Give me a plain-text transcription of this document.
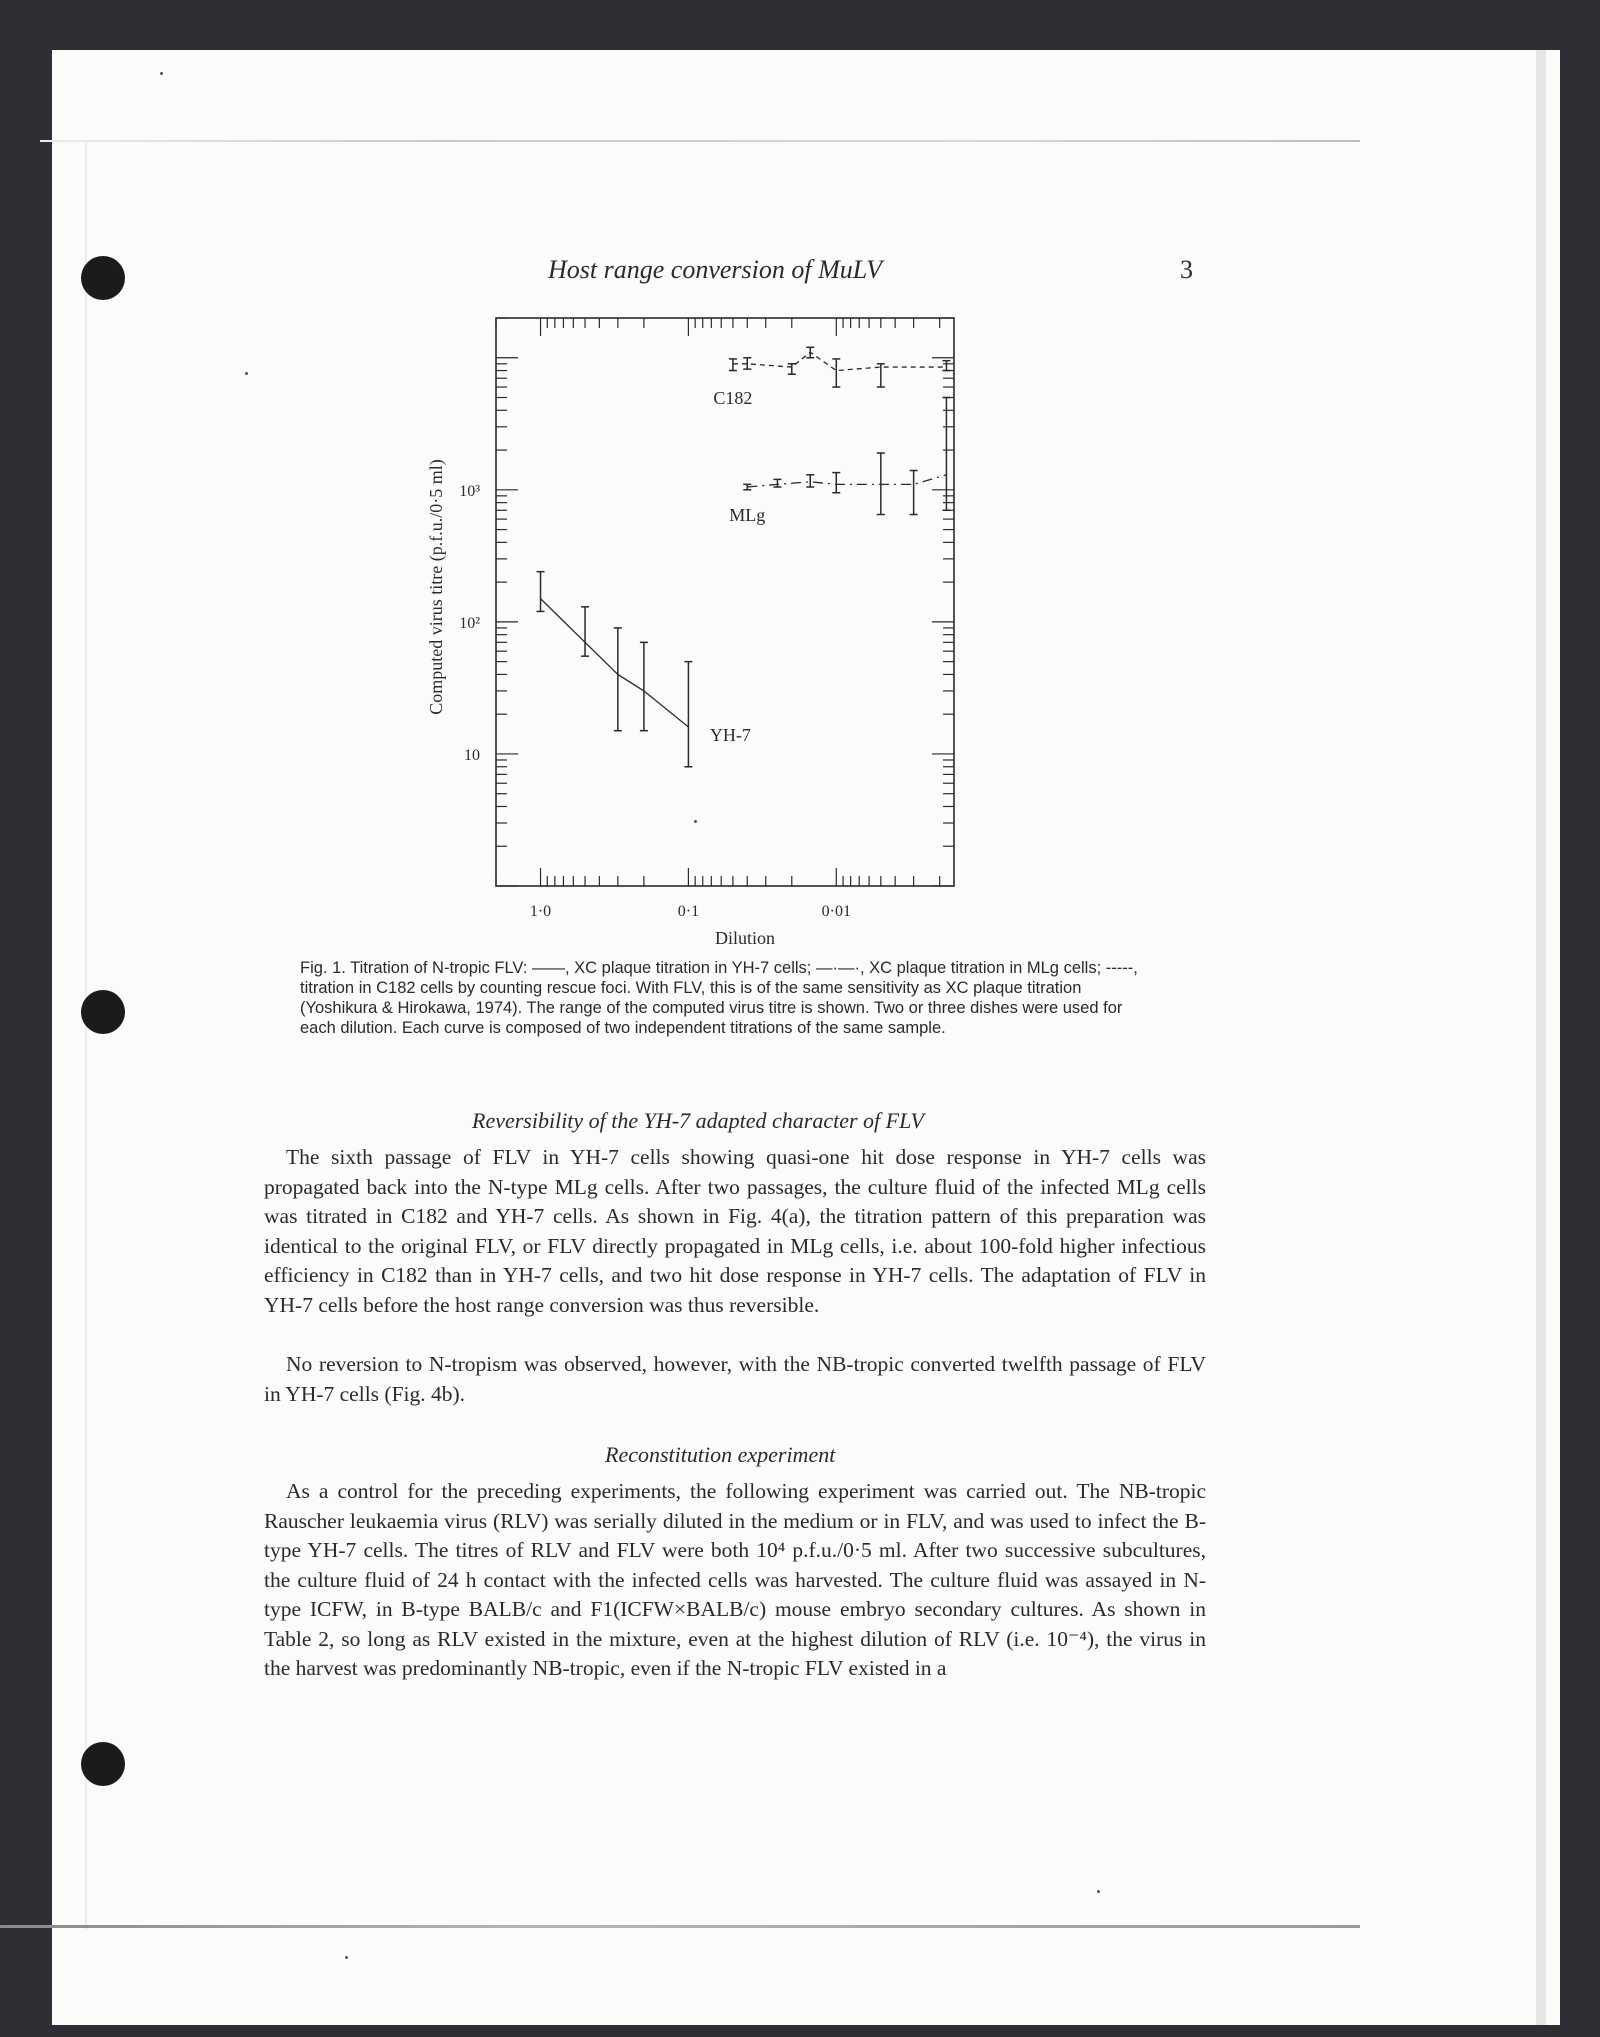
Host range conversion of MuLV	3
YH-7
MLg
C182
10
10²
10³
1·0	0·1	0·01
Dilution
Computed virus titre (p.f.u./0·5 ml)
Fig. 1. Titration of N-tropic FLV: ——, XC plaque titration in YH-7 cells; —·—·, XC plaque titration in MLg cells; -----, titration in C182 cells by counting rescue foci. With FLV, this is of the same sensitivity as XC plaque titration (Yoshikura & Hirokawa, 1974). The range of the computed virus titre is shown. Two or three dishes were used for each dilution. Each curve is composed of two independent titrations of the same sample.
Reversibility of the YH-7 adapted character of FLV

The sixth passage of FLV in YH-7 cells showing quasi-one hit dose response in YH-7 cells was propagated back into the N-type MLg cells. After two passages, the culture fluid of the infected MLg cells was titrated in C182 and YH-7 cells. As shown in Fig. 4(a), the titration pattern of this preparation was identical to the original FLV, or FLV directly propagated in MLg cells, i.e. about 100-fold higher infectious efficiency in C182 than in YH-7 cells, and two hit dose response in YH-7 cells. The adaptation of FLV in YH-7 cells before the host range conversion was thus reversible.

No reversion to N-tropism was observed, however, with the NB-tropic converted twelfth passage of FLV in YH-7 cells (Fig. 4b).

Reconstitution experiment

As a control for the preceding experiments, the following experiment was carried out. The NB-tropic Rauscher leukaemia virus (RLV) was serially diluted in the medium or in FLV, and was used to infect the B-type YH-7 cells. The titres of RLV and FLV were both 10⁴ p.f.u./0·5 ml. After two successive subcultures, the culture fluid of 24 h contact with the infected cells was harvested. The culture fluid was assayed in N-type ICFW, in B-type BALB/c and F1(ICFW×BALB/c) mouse embryo secondary cultures. As shown in Table 2, so long as RLV existed in the mixture, even at the highest dilution of RLV (i.e. 10⁻⁴), the virus in the harvest was predominantly NB-tropic, even if the N-tropic FLV existed in a
